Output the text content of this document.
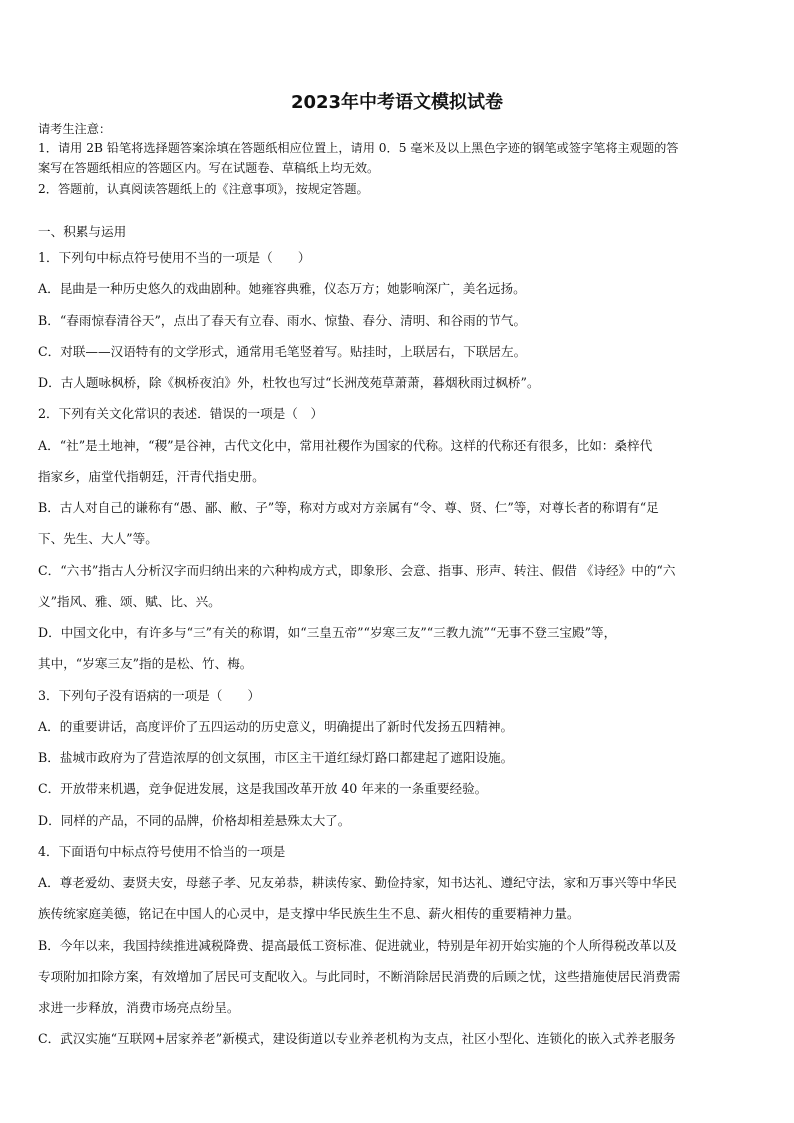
2023年中考语文模拟试卷
请考生注意：
1．请用 2B 铅笔将选择题答案涂填在答题纸相应位置上，请用 0．5 毫米及以上黑色字迹的钢笔或签字笔将主观题的答
案写在答题纸相应的答题区内。写在试题卷、草稿纸上均无效。
2．答题前，认真阅读答题纸上的《注意事项》，按规定答题。
一、积累与运用
1．下列句中标点符号使用不当的一项是（　　）
A．昆曲是一种历史悠久的戏曲剧种。她雍容典雅，仪态万方；她影响深广，美名远扬。
B．“春雨惊春清谷天”，点出了春天有立春、雨水、惊蛰、春分、清明、和谷雨的节气。
C．对联——汉语特有的文学形式，通常用毛笔竖着写。贴挂时，上联居右，下联居左。
D．古人题咏枫桥，除《枫桥夜泊》外，杜牧也写过“长洲茂苑草萧萧，暮烟秋雨过枫桥”。
2．下列有关文化常识的表述．错误的一项是（　）
A．“社”是土地神，“稷”是谷神，古代文化中，常用社稷作为国家的代称。这样的代称还有很多，比如：桑梓代
指家乡，庙堂代指朝廷，汗青代指史册。
B．古人对自己的谦称有“愚、鄙、敝、子”等，称对方或对方亲属有“令、尊、贤、仁”等，对尊长者的称谓有“足
下、先生、大人”等。
C．“六书”指古人分析汉字而归纳出来的六种构成方式，即象形、会意、指事、形声、转注、假借 《诗经》中的“六
义”指风、雅、颂、赋、比、兴。
D．中国文化中，有许多与“三”有关的称谓，如“三皇五帝”“岁寒三友”“三教九流”“无事不登三宝殿”等，
其中，“岁寒三友”指的是松、竹、梅。
3．下列句子没有语病的一项是（　　）
A．的重要讲话，高度评价了五四运动的历史意义，明确提出了新时代发扬五四精神。
B．盐城市政府为了营造浓厚的创文氛围，市区主干道红绿灯路口都建起了遮阳设施。
C．开放带来机遇，竞争促进发展，这是我国改革开放 40 年来的一条重要经验。
D．同样的产品，不同的品牌，价格却相差悬殊太大了。
4．下面语句中标点符号使用不恰当的一项是
A．尊老爱幼、妻贤夫安，母慈子孝、兄友弟恭，耕读传家、勤俭持家，知书达礼、遵纪守法，家和万事兴等中华民
族传统家庭美德，铭记在中国人的心灵中，是支撑中华民族生生不息、薪火相传的重要精神力量。
B．今年以来，我国持续推进减税降费、提高最低工资标准、促进就业，特别是年初开始实施的个人所得税改革以及
专项附加扣除方案，有效增加了居民可支配收入。与此同时，不断消除居民消费的后顾之忧，这些措施使居民消费需
求进一步释放，消费市场亮点纷呈。
C．武汉实施“互联网+居家养老”新模式，建设街道以专业养老机构为支点，社区小型化、连锁化的嵌入式养老服务
